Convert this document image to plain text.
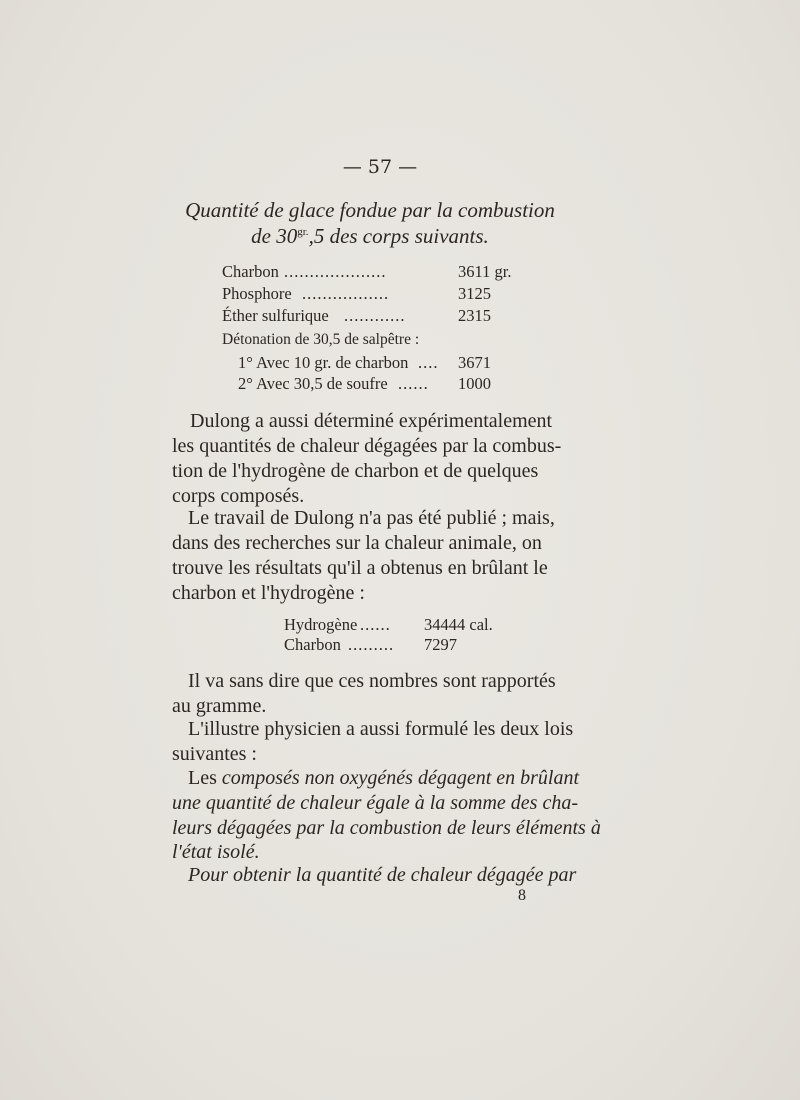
— 57 —
Quantité de glace fondue par la combustion
de $30^{gr.},5$ des corps suivants.
Charbon ....................	3611 gr.
Phosphore .................	3125
Éther sulfurique ............	2315
Détonation de 30,5 de salpêtre :
1° Avec 10 gr. de charbon .... 3671
2° Avec 30,5 de soufre ...... 1000
Dulong a aussi déterminé expérimentalement
les quantités de chaleur dégagées par la combus-
tion de l'hydrogène de charbon et de quelques
corps composés.
Le travail de Dulong n'a pas été publié ; mais,
dans des recherches sur la chaleur animale, on
trouve les résultats qu'il a obtenus en brûlant le
charbon et l'hydrogène :
Hydrogène ...... 34444 cal.
Charbon ......... 7297
Il va sans dire que ces nombres sont rapportés
au gramme.
L'illustre physicien a aussi formulé les deux lois
suivantes :
Les composés non oxygénés dégagent en brûlant
une quantité de chaleur égale à la somme des cha-
leurs dégagées par la combustion de leurs éléments à
l'état isolé.
Pour obtenir la quantité de chaleur dégagée par
8
